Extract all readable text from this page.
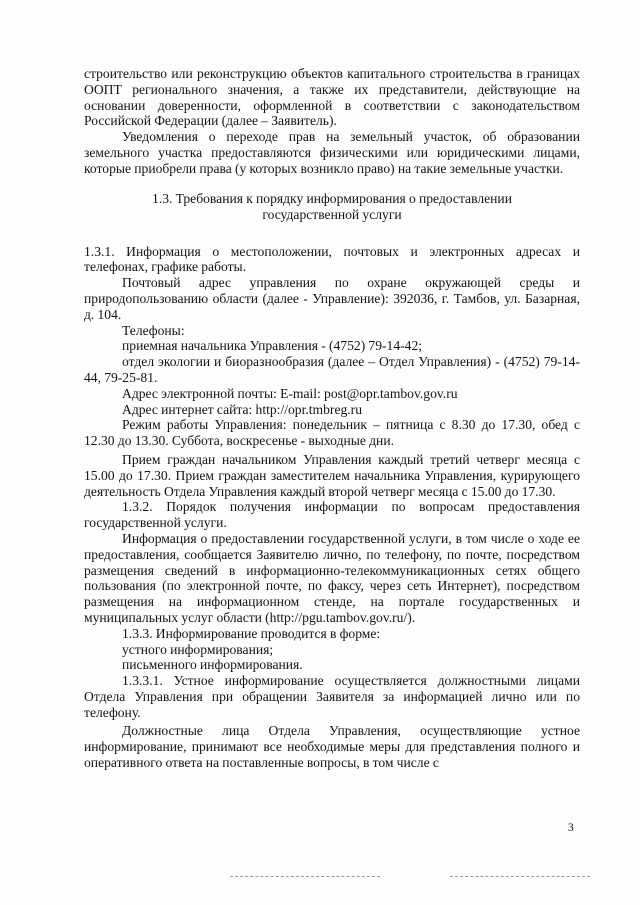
строительство или реконструкцию объектов капитального строительства в границах ООПТ регионального значения, а также их представители, действующие на основании доверенности, оформленной в соответствии с законодательством Российской Федерации (далее – Заявитель).

Уведомления о переходе прав на земельный участок, об образовании земельного участка предоставляются физическими или юридическими лицами, которые приобрели права (у которых возникло право) на такие земельные участки.

1.3. Требования к порядку информирования о предоставлении государственной услуги

1.3.1. Информация о местоположении, почтовых и электронных адресах и телефонах, графике работы.

Почтовый адрес управления по охране окружающей среды и природопользованию области (далее - Управление): 392036, г. Тамбов, ул. Базарная, д. 104.

Телефоны:

приемная начальника Управления - (4752) 79-14-42;

отдел экологии и биоразнообразия (далее – Отдел Управления) - (4752) 79-14-44, 79-25-81.

Адрес электронной почты: E-mail: post@opr.tambov.gov.ru

Адрес интернет сайта: http://opr.tmbreg.ru

Режим работы Управления: понедельник – пятница с 8.30 до 17.30, обед с 12.30 до 13.30. Суббота, воскресенье - выходные дни.

Прием граждан начальником Управления каждый третий четверг месяца с 15.00 до 17.30. Прием граждан заместителем начальника Управления, курирующего деятельность Отдела Управления каждый второй четверг месяца с 15.00 до 17.30.

1.3.2. Порядок получения информации по вопросам предоставления государственной услуги.

Информация о предоставлении государственной услуги, в том числе о ходе ее предоставления, сообщается Заявителю лично, по телефону, по почте, посредством размещения сведений в информационно-телекоммуникационных сетях общего пользования (по электронной почте, по факсу, через сеть Интернет), посредством размещения на информационном стенде, на портале государственных и муниципальных услуг области (http://pgu.tambov.gov.ru/).

1.3.3. Информирование проводится в форме:

устного информирования;

письменного информирования.

1.3.3.1. Устное информирование осуществляется должностными лицами Отдела Управления при обращении Заявителя за информацией лично или по телефону.

Должностные лица Отдела Управления, осуществляющие устное информирование, принимают все необходимые меры для представления полного и оперативного ответа на поставленные вопросы, в том числе с

3
